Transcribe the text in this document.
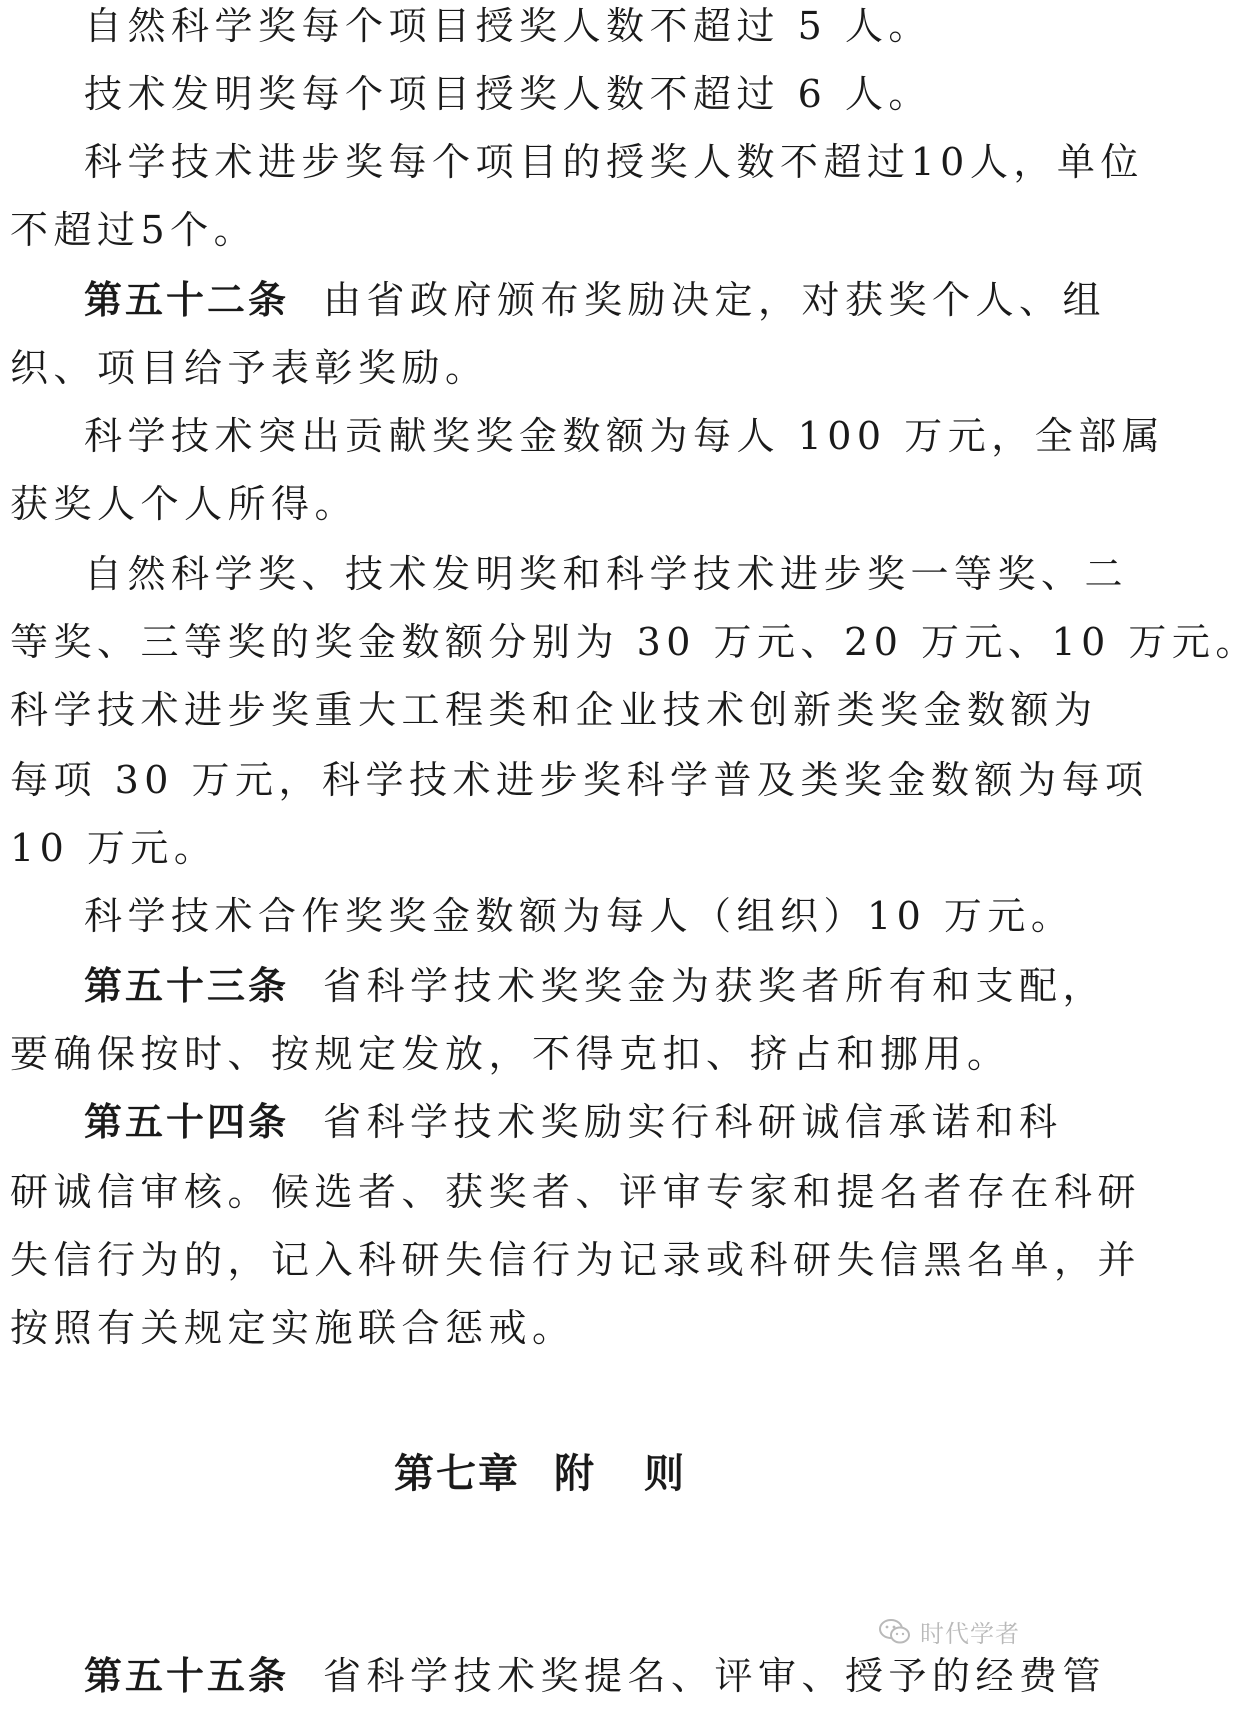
自然科学奖每个项目授奖人数不超过 5 人。
技术发明奖每个项目授奖人数不超过 6 人。
科学技术进步奖每个项目的授奖人数不超过10人，单位
不超过5个。
第五十二条 由省政府颁布奖励决定，对获奖个人、组
织、项目给予表彰奖励。
科学技术突出贡献奖奖金数额为每人 100 万元，全部属
获奖人个人所得。
自然科学奖、技术发明奖和科学技术进步奖一等奖、二
等奖、三等奖的奖金数额分别为 30 万元、20 万元、10 万元。
科学技术进步奖重大工程类和企业技术创新类奖金数额为
每项 30 万元，科学技术进步奖科学普及类奖金数额为每项
10 万元。
科学技术合作奖奖金数额为每人（组织）10 万元。
第五十三条 省科学技术奖奖金为获奖者所有和支配，
要确保按时、按规定发放，不得克扣、挤占和挪用。
第五十四条 省科学技术奖励实行科研诚信承诺和科
研诚信审核。候选者、获奖者、评审专家和提名者存在科研
失信行为的，记入科研失信行为记录或科研失信黑名单，并
按照有关规定实施联合惩戒。
第七章 附 则
第五十五条 省科学技术奖提名、评审、授予的经费管
时代学者
